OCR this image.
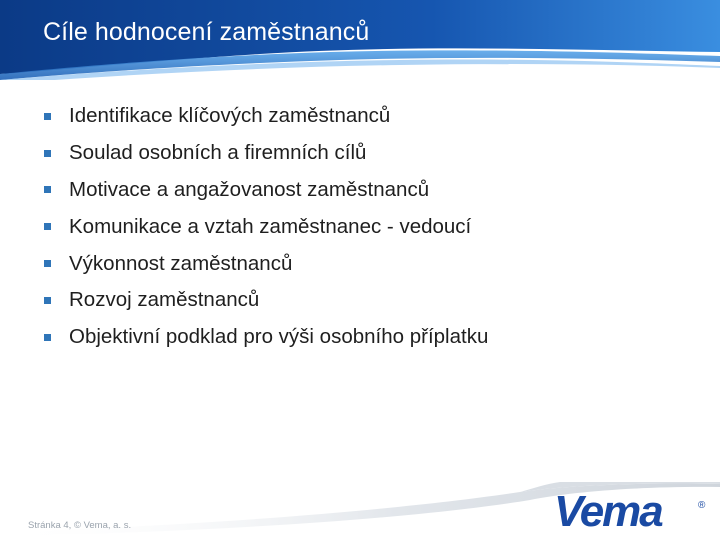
Cíle hodnocení zaměstnanců
Identifikace klíčových zaměstnanců
Soulad osobních a firemních cílů
Motivace a angažovanost zaměstnanců
Komunikace a vztah zaměstnanec - vedoucí
Výkonnost zaměstnanců
Rozvoj zaměstnanců
Objektivní podklad pro výši osobního příplatku
Stránka 4, © Vema, a. s.	Vema	®
